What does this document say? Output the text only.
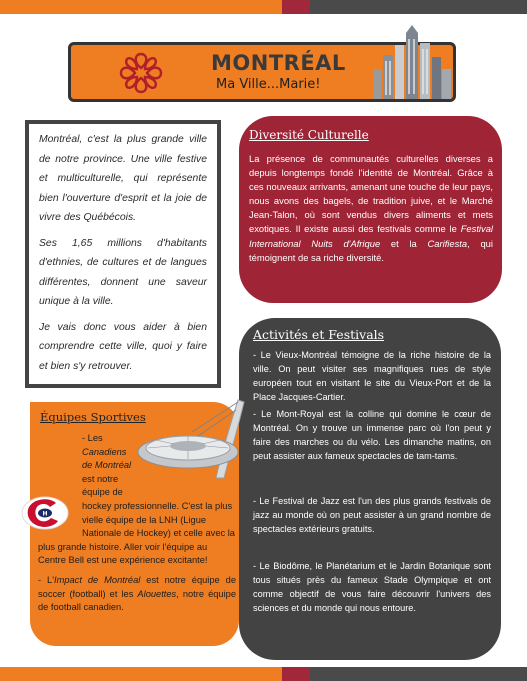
MONTRÉAL
Ma Ville...Marie!

Montréal, c'est la plus grande ville de notre province. Une ville festive et multiculturelle, qui représente bien l'ouverture d'esprit et la joie de vivre des Québécois.

Ses 1,65 millions d'habitants d'ethnies, de cultures et de langues différentes, donnent une saveur unique à la ville.

Je vais donc vous aider à bien comprendre cette ville, quoi y faire et bien s'y retrouver.

Diversité Culturelle
La présence de communautés culturelles diverses a depuis longtemps fondé l'identité de Montréal. Grâce à ces nouveaux arrivants, amenant une touche de leur pays, nous avons des bagels, de tradition juive, et le Marché Jean-Talon, où sont vendus divers aliments et mets exotiques. Il existe aussi des festivals comme le Festival International Nuits d'Afrique et la Carifiesta, qui témoignent de sa riche diversité.
Activités et Festivals

- Le Vieux-Montréal témoigne de la riche histoire de la ville. On peut visiter ses magnifiques rues de style européen tout en visitant le site du Vieux-Port et de la Place Jacques-Cartier.

- Le Mont-Royal est la colline qui domine le cœur de Montréal. On y trouve un immense parc où l'on peut y faire des marches ou du vélo. Les dimanche matins, on peut assister aux fameux spectacles de tam-tams.

- Le Festival de Jazz est l'un des plus grands festivals de jazz au monde où on peut assister à un grand nombre de spectacles extérieurs gratuits.

- Le Biodôme, le Planétarium et le Jardin Botanique sont tous situés près du fameux Stade Olympique et ont comme objectif de vous faire découvrir l'univers des sciences et du monde qui nous entoure.

Équipes Sportives
H
- Les Canadiens de Montréal est notre équipe de hockey professionnelle. C'est la plus vielle équipe de la LNH (Ligue Nationale de Hockey) et celle avec la plus grande histoire. Aller voir l'équipe au Centre Bell est une expérience excitante!

- L'Impact de Montréal est notre équipe de soccer (football) et les Alouettes, notre équipe de football canadien.
